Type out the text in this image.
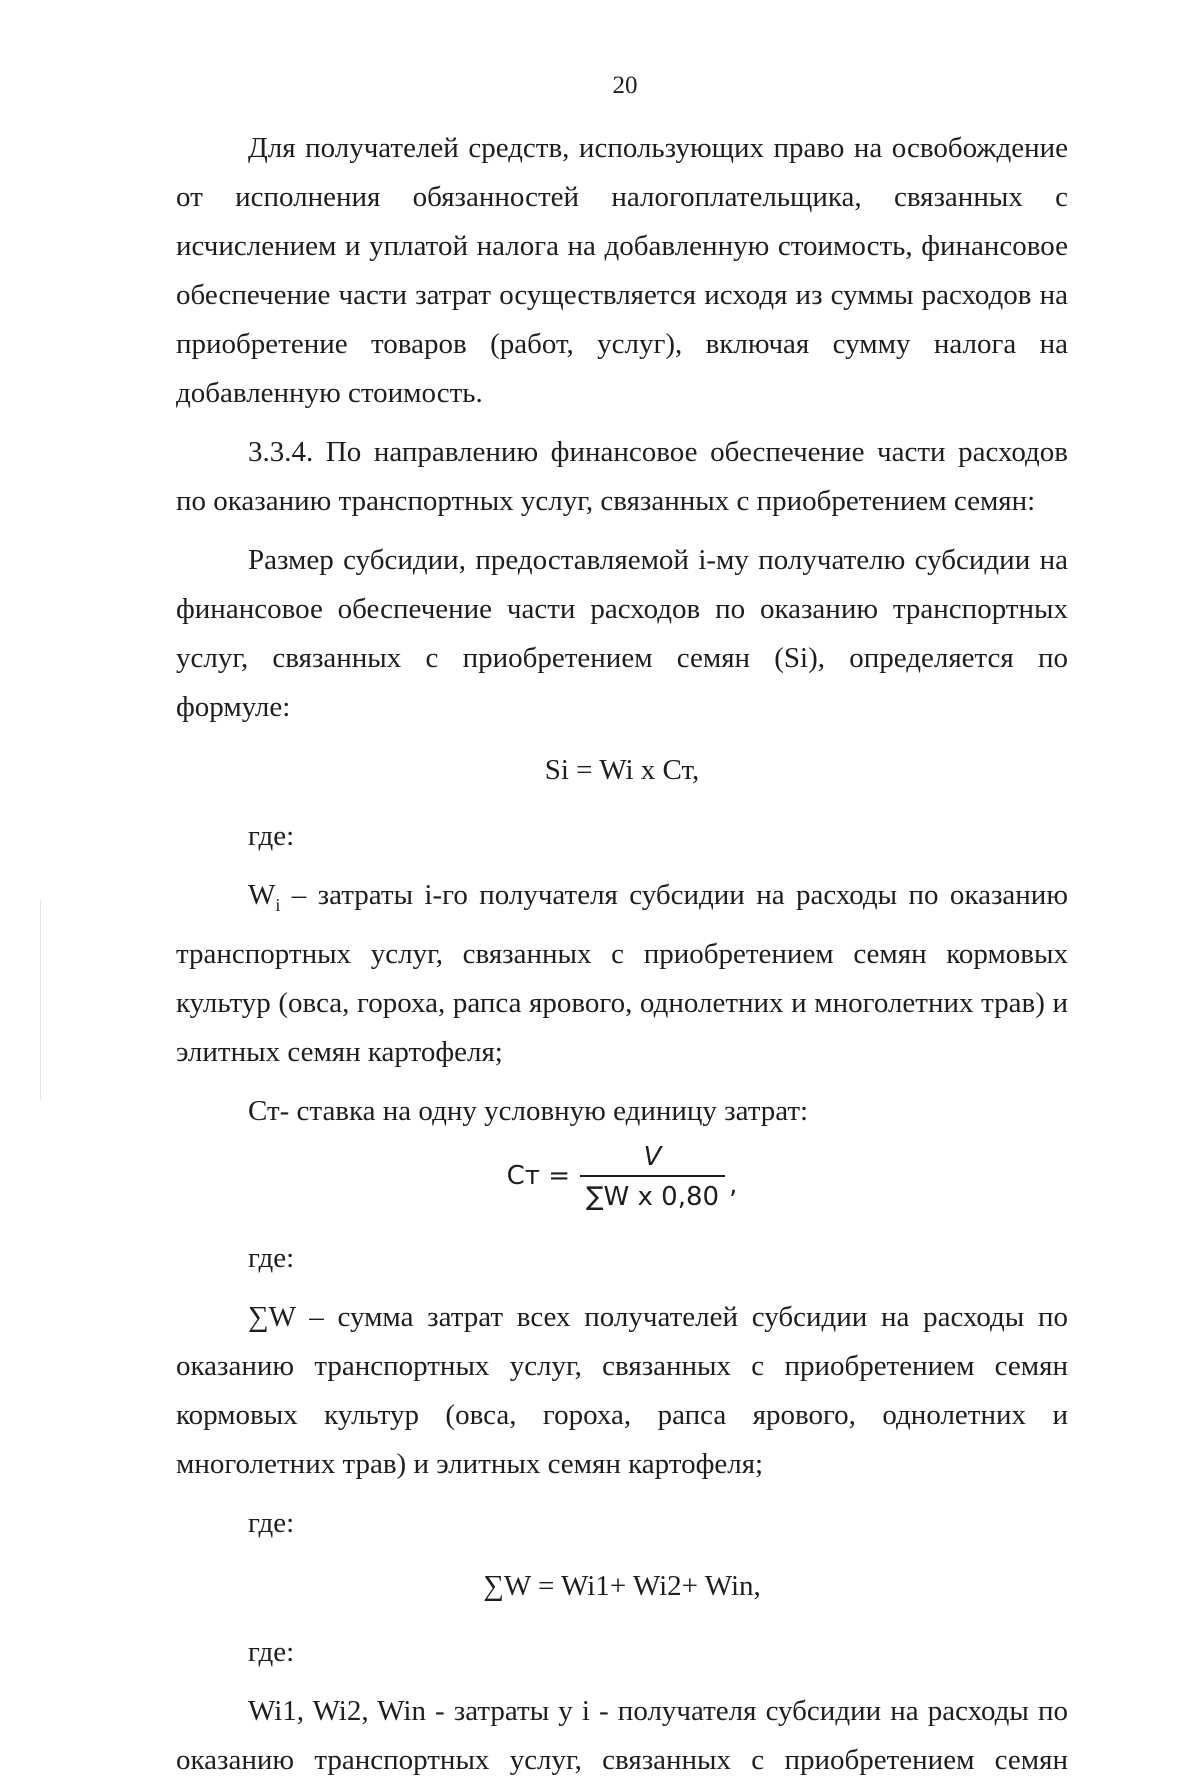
20

Для получателей средств, использующих право на освобождение от исполнения обязанностей налогоплательщика, связанных с исчислением и уплатой налога на добавленную стоимость, финансовое обеспечение части затрат осуществляется исходя из суммы расходов на приобретение товаров (работ, услуг), включая сумму налога на добавленную стоимость.

3.3.4. По направлению финансовое обеспечение части расходов по оказанию транспортных услуг, связанных с приобретением семян:

Размер субсидии, предоставляемой i-му получателю субсидии на финансовое обеспечение части расходов по оказанию транспортных услуг, связанных с приобретением семян (Si), определяется по формуле:

Si = Wi x Ст,

где:

$W_i$ – затраты i-го получателя субсидии на расходы по оказанию транспортных услуг, связанных с приобретением семян кормовых культур (овса, гороха, рапса ярового, однолетних и многолетних трав) и элитных семян картофеля;

Ст- ставка на одну условную единицу затрат:

Ст = $\frac{V}{\text{∑W x 0,80}}$ ,

где:

∑W – сумма затрат всех получателей субсидии на расходы по оказанию транспортных услуг, связанных с приобретением семян кормовых культур (овса, гороха, рапса ярового, однолетних и многолетних трав) и элитных семян картофеля;

где:

∑W = Wi1+ Wi2+ Win,

где:

Wi1, Wi2, Win - затраты у i - получателя субсидии на расходы по оказанию транспортных услуг, связанных с приобретением семян
